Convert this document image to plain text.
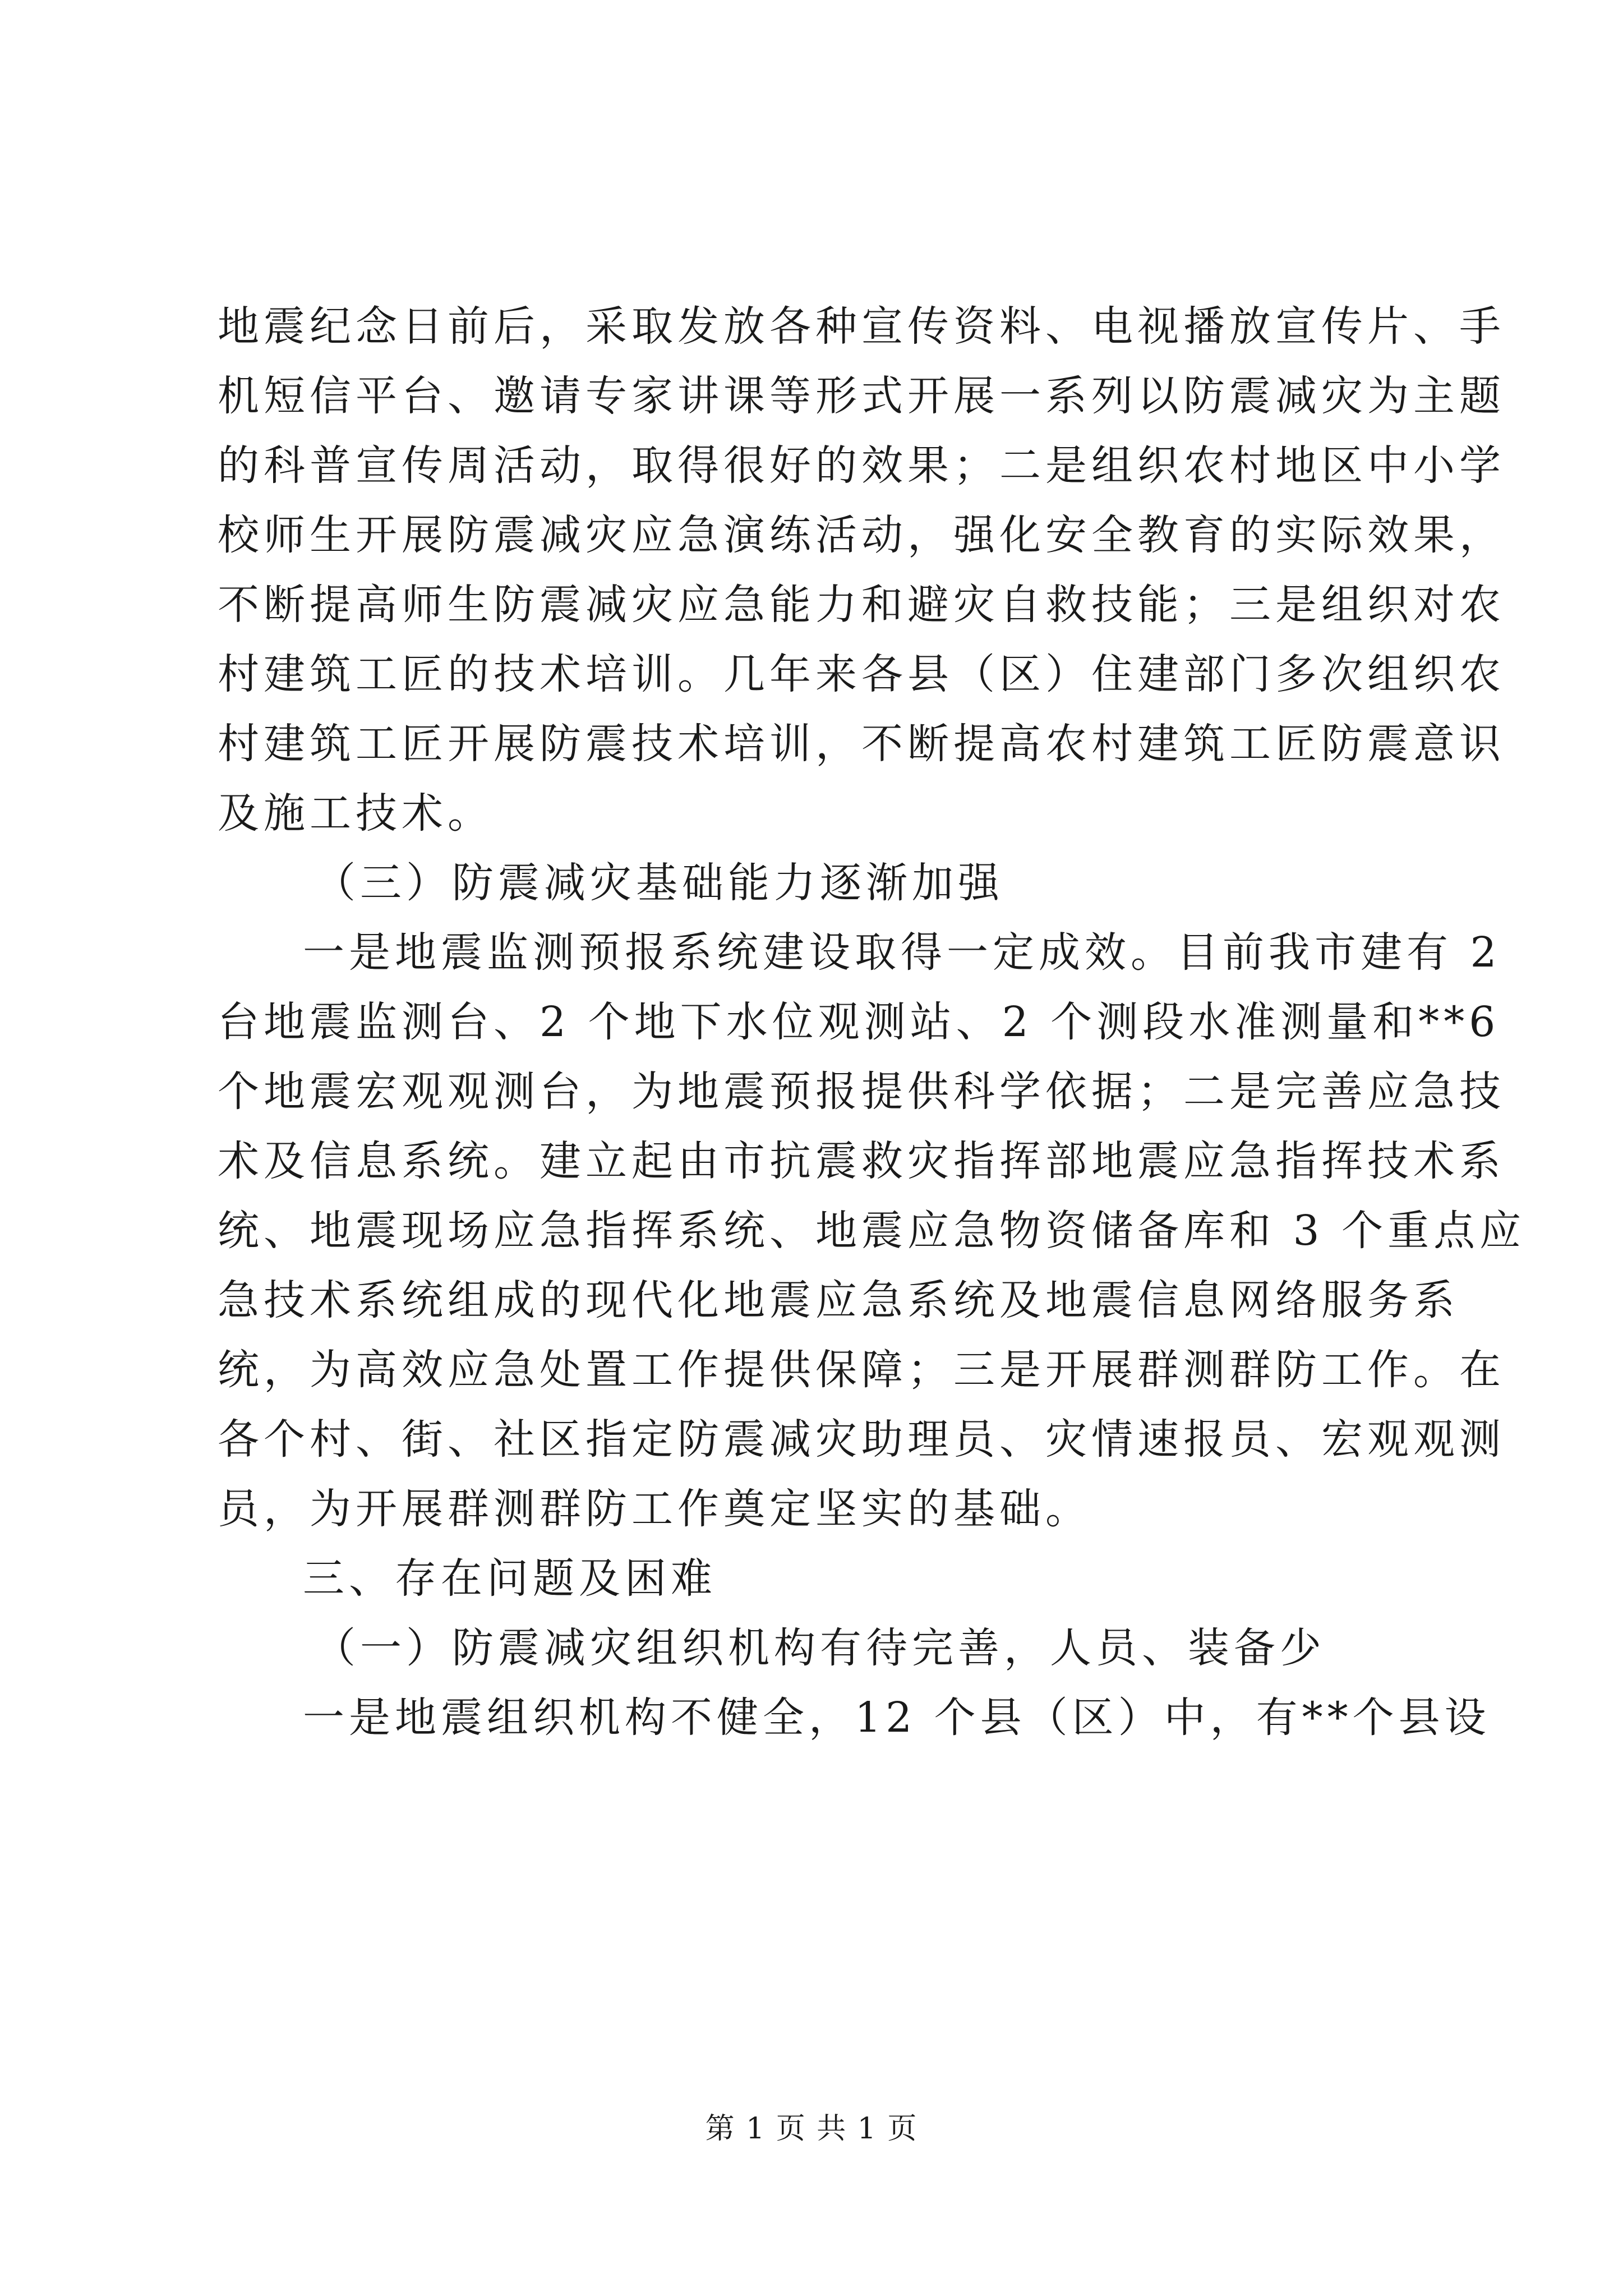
地震纪念日前后，采取发放各种宣传资料、电视播放宣传片、手
机短信平台、邀请专家讲课等形式开展一系列以防震减灾为主题
的科普宣传周活动，取得很好的效果；二是组织农村地区中小学
校师生开展防震减灾应急演练活动，强化安全教育的实际效果，
不断提高师生防震减灾应急能力和避灾自救技能；三是组织对农
村建筑工匠的技术培训。几年来各县（区）住建部门多次组织农
村建筑工匠开展防震技术培训，不断提高农村建筑工匠防震意识
及施工技术。
（三）防震减灾基础能力逐渐加强
一是地震监测预报系统建设取得一定成效。目前我市建有 2
台地震监测台、2 个地下水位观测站、2 个测段水准测量和**6
个地震宏观观测台，为地震预报提供科学依据；二是完善应急技
术及信息系统。建立起由市抗震救灾指挥部地震应急指挥技术系
统、地震现场应急指挥系统、地震应急物资储备库和 3 个重点应
急技术系统组成的现代化地震应急系统及地震信息网络服务系
统，为高效应急处置工作提供保障；三是开展群测群防工作。在
各个村、街、社区指定防震减灾助理员、灾情速报员、宏观观测
员，为开展群测群防工作奠定坚实的基础。
三、存在问题及困难
（一）防震减灾组织机构有待完善，人员、装备少
一是地震组织机构不健全，12 个县（区）中，有**个县设
第 1 页 共 1 页
